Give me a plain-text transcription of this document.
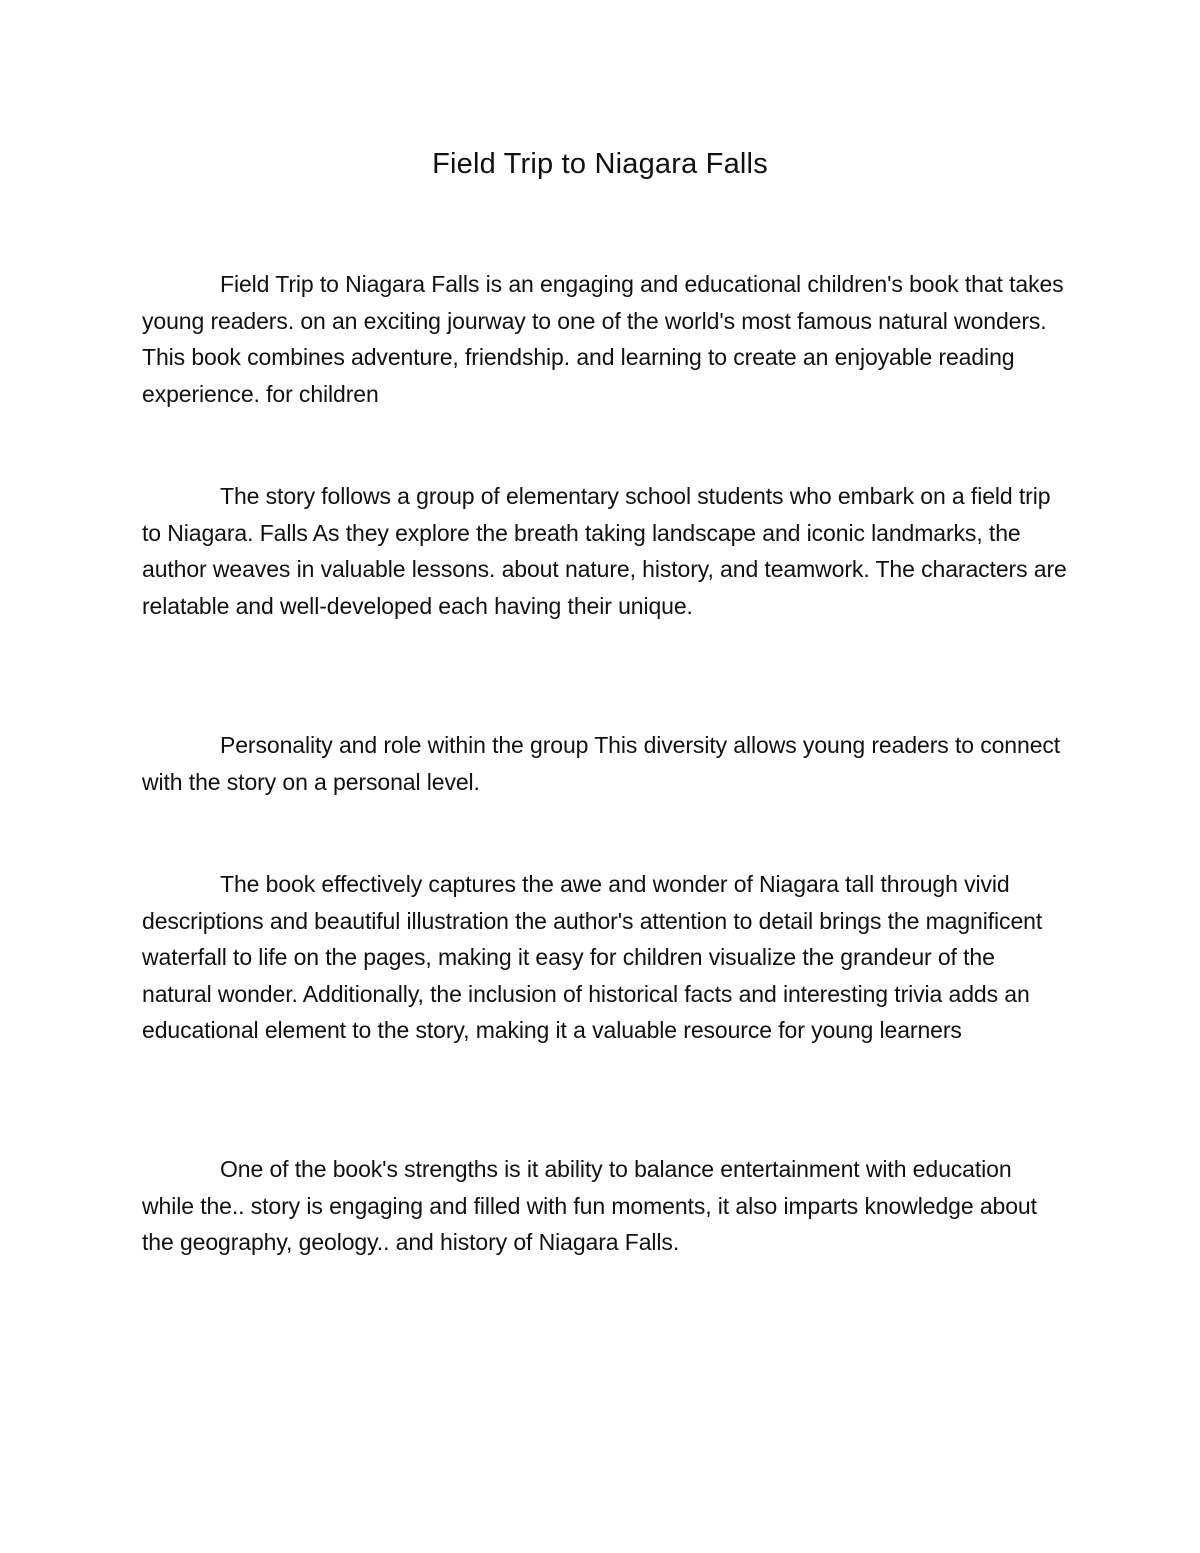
Field Trip to Niagara Falls

Field Trip to Niagara Falls is an engaging and educational children's book that takes young readers. on an exciting jourway to one of the world's most famous natural wonders. This book combines adventure, friendship. and learning to create an enjoyable reading experience. for children

The story follows a group of elementary school students who embark on a field trip to Niagara. Falls As they explore the breath taking landscape and iconic landmarks, the author weaves in valuable lessons. about nature, history, and teamwork. The characters are relatable and well-developed each having their unique.

Personality and role within the group This diversity allows young readers to connect with the story on a personal level.

The book effectively captures the awe and wonder of Niagara tall through vivid descriptions and beautiful illustration the author's attention to detail brings the magnificent waterfall to life on the pages, making it easy for children visualize the grandeur of the natural wonder. Additionally, the inclusion of historical facts and interesting trivia adds an educational element to the story, making it a valuable resource for young learners

One of the book's strengths is it ability to balance entertainment with education while the.. story is engaging and filled with fun moments, it also imparts knowledge about the geography, geology.. and history of Niagara Falls.
